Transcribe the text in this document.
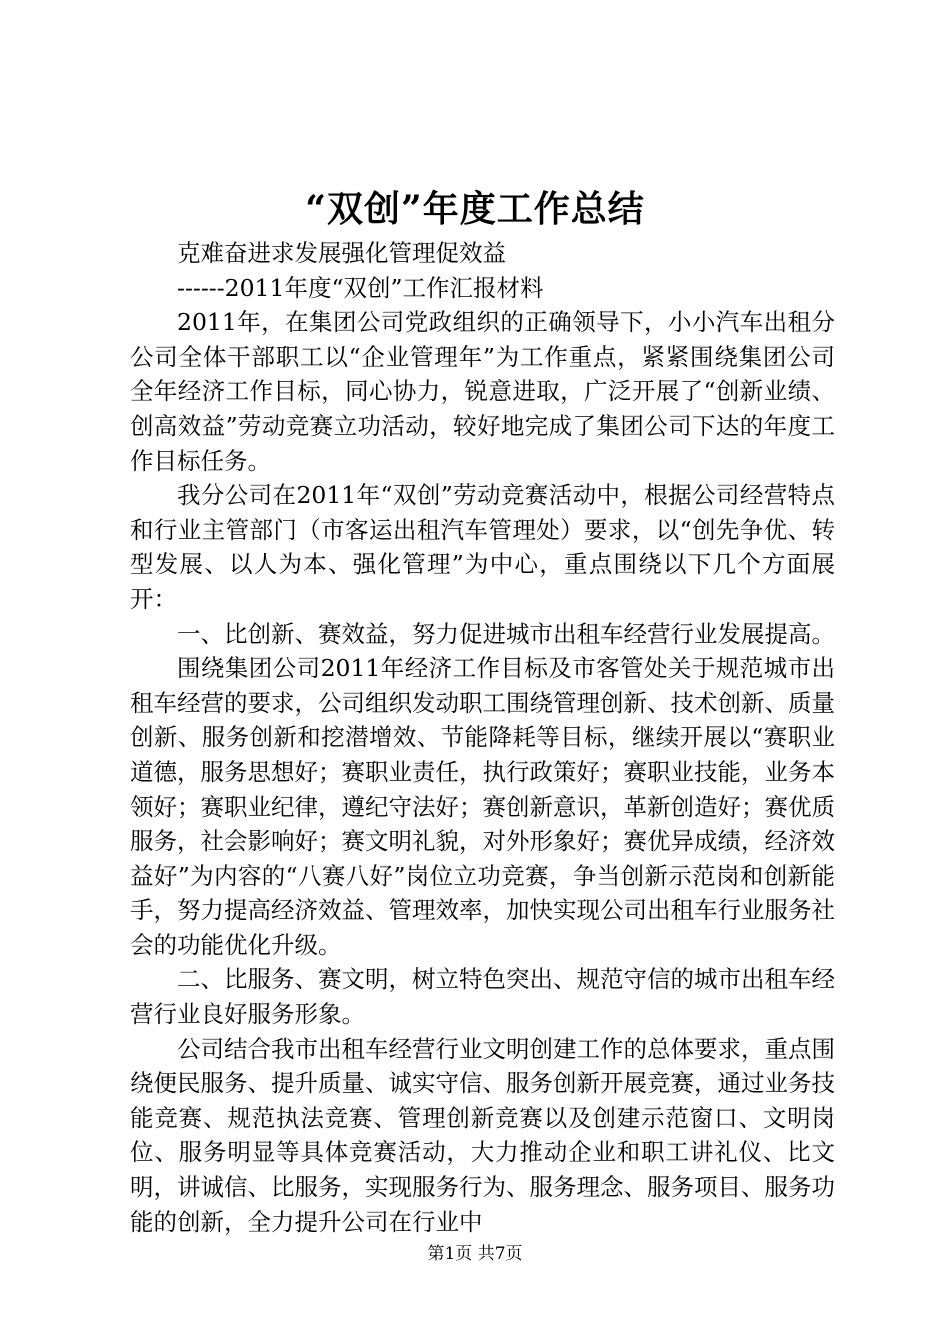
“双创”年度工作总结

克难奋进求发展强化管理促效益

------2011年度“双创”工作汇报材料

2011年，在集团公司党政组织的正确领导下，小小汽车出租分公司全体干部职工以“企业管理年”为工作重点，紧紧围绕集团公司全年经济工作目标，同心协力，锐意进取，广泛开展了“创新业绩、创高效益”劳动竞赛立功活动，较好地完成了集团公司下达的年度工作目标任务。

我分公司在2011年“双创”劳动竞赛活动中，根据公司经营特点和行业主管部门（市客运出租汽车管理处）要求，以“创先争优、转型发展、以人为本、强化管理”为中心，重点围绕以下几个方面展开：

一、比创新、赛效益，努力促进城市出租车经营行业发展提高。

围绕集团公司2011年经济工作目标及市客管处关于规范城市出租车经营的要求，公司组织发动职工围绕管理创新、技术创新、质量创新、服务创新和挖潜增效、节能降耗等目标，继续开展以“赛职业道德，服务思想好；赛职业责任，执行政策好；赛职业技能，业务本领好；赛职业纪律，遵纪守法好；赛创新意识，革新创造好；赛优质服务，社会影响好；赛文明礼貌，对外形象好；赛优异成绩，经济效益好”为内容的“八赛八好”岗位立功竞赛，争当创新示范岗和创新能手，努力提高经济效益、管理效率，加快实现公司出租车行业服务社会的功能优化升级。

二、比服务、赛文明，树立特色突出、规范守信的城市出租车经营行业良好服务形象。

公司结合我市出租车经营行业文明创建工作的总体要求，重点围绕便民服务、提升质量、诚实守信、服务创新开展竞赛，通过业务技能竞赛、规范执法竞赛、管理创新竞赛以及创建示范窗口、文明岗位、服务明显等具体竞赛活动，大力推动企业和职工讲礼仪、比文明，讲诚信、比服务，实现服务行为、服务理念、服务项目、服务功能的创新，全力提升公司在行业中

第1页 共7页
